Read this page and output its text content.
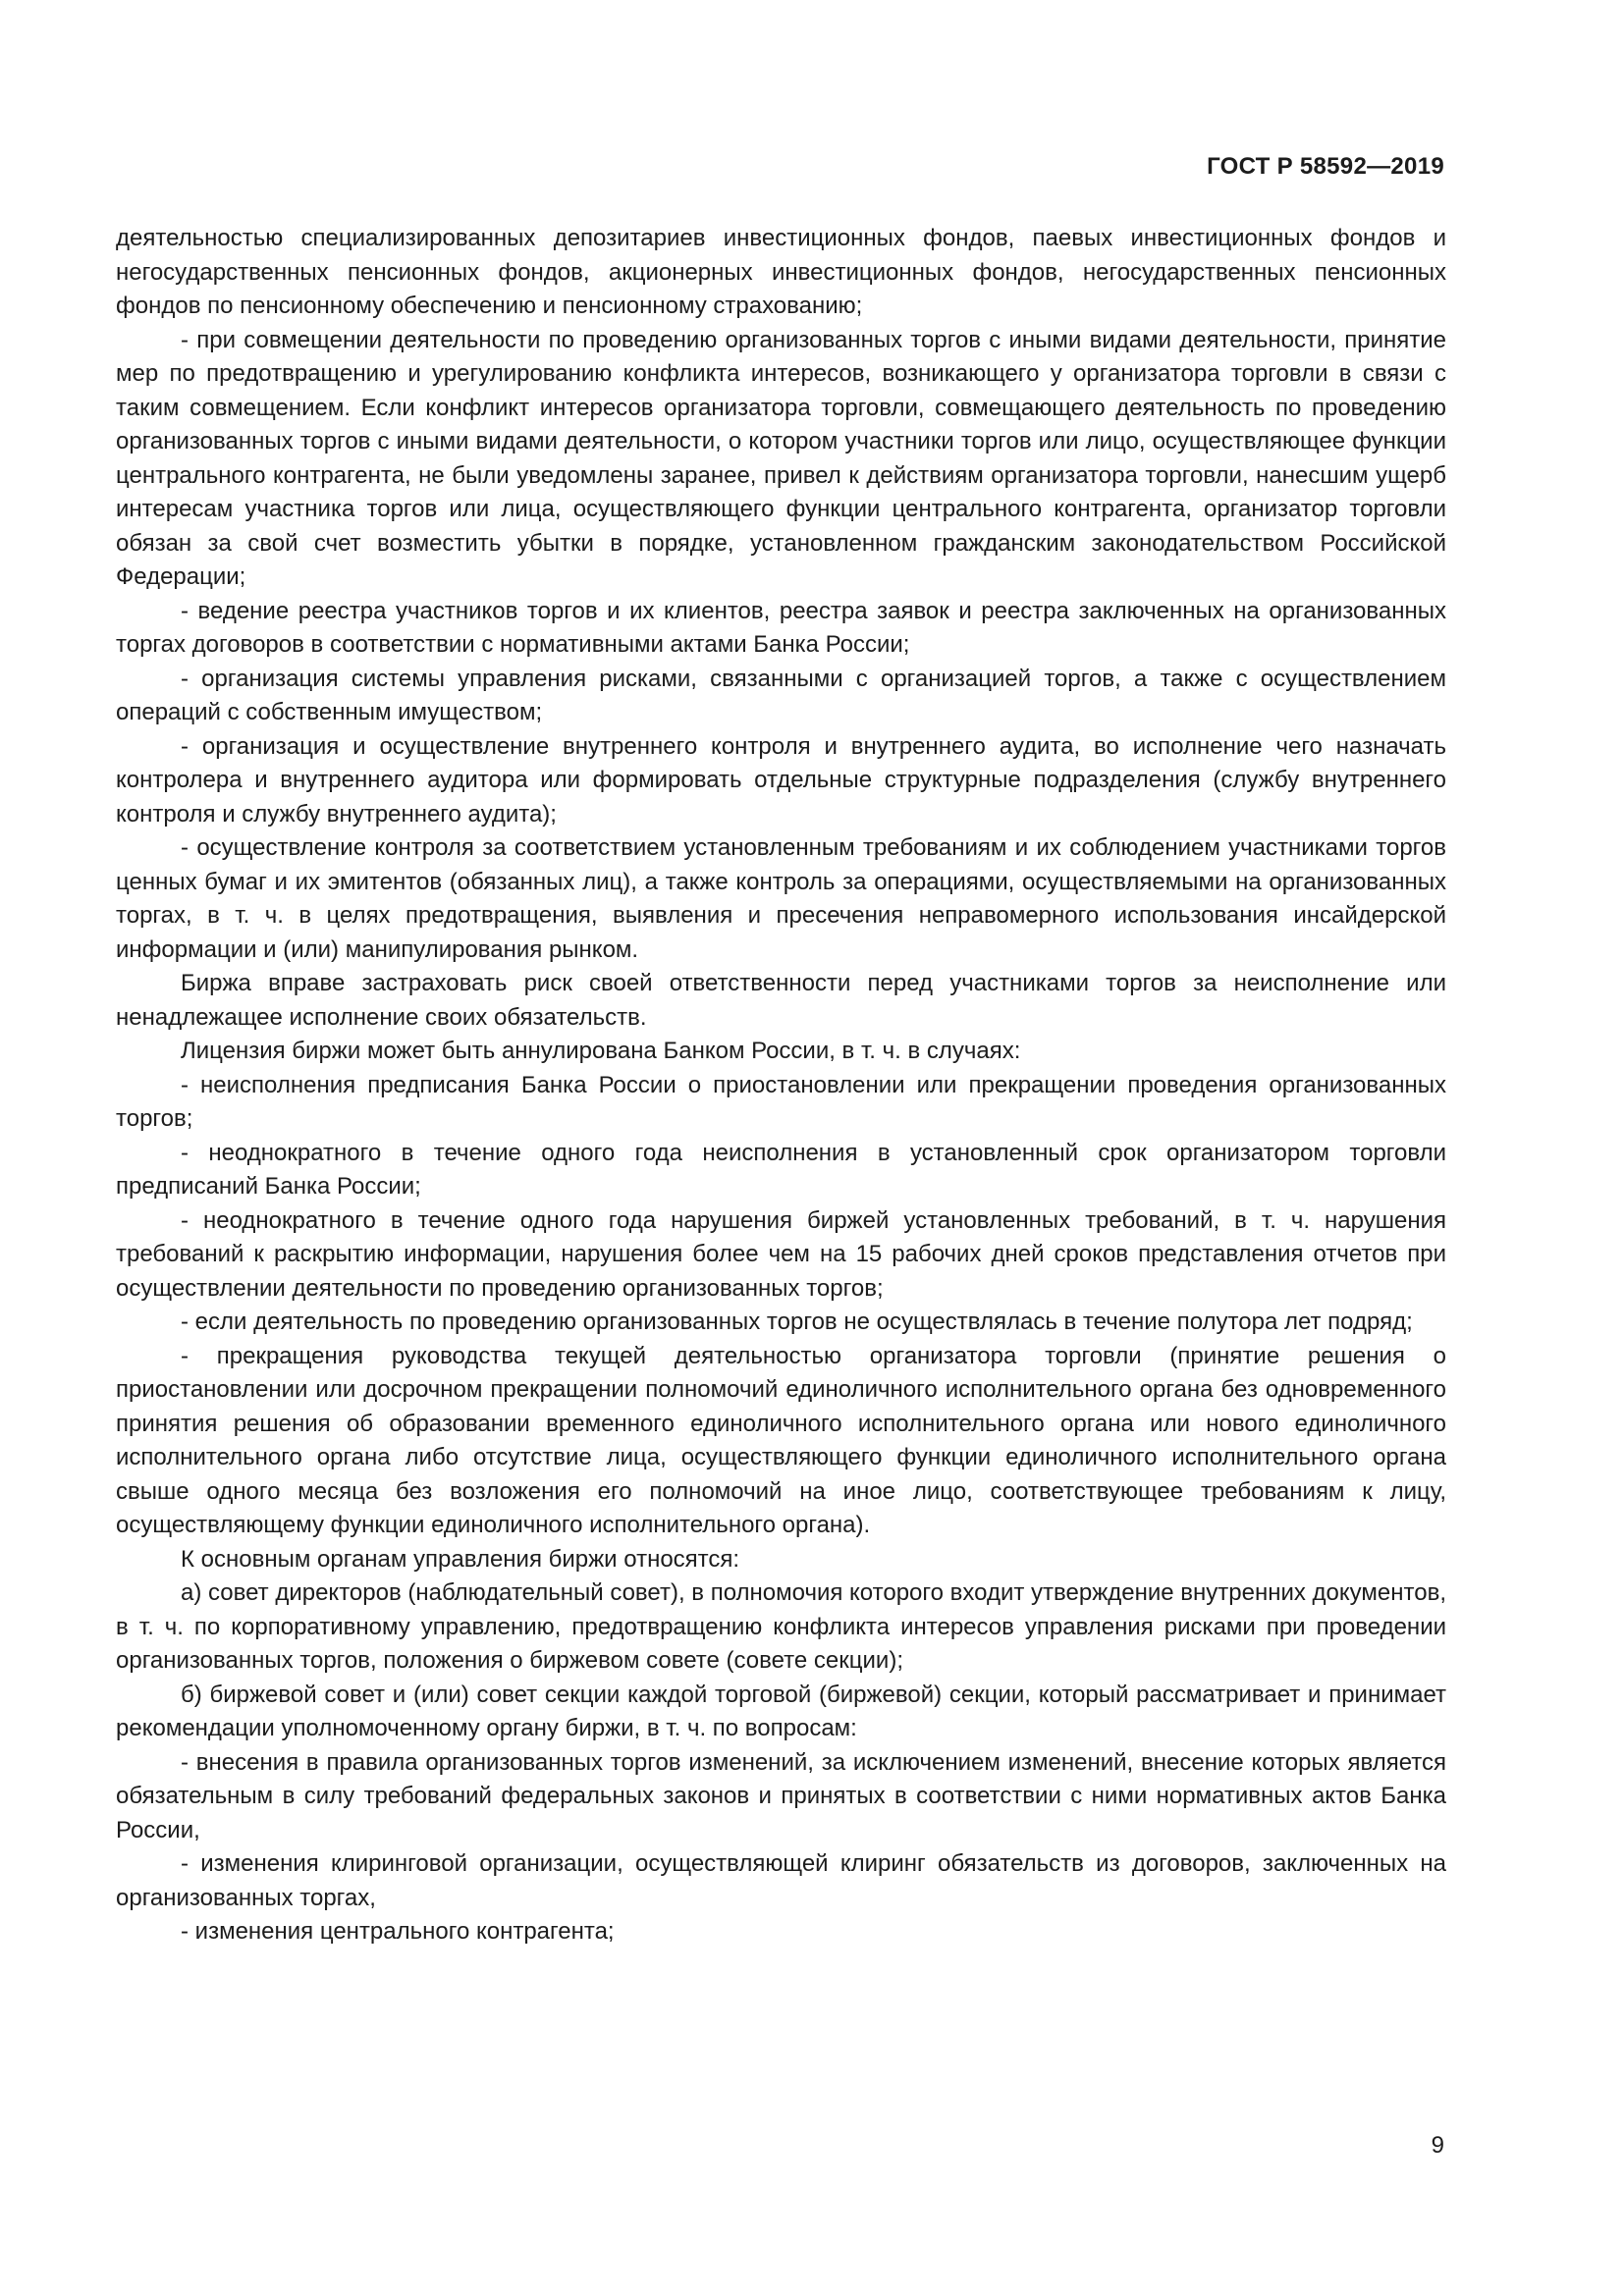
ГОСТ Р 58592—2019

деятельностью специализированных депозитариев инвестиционных фондов, паевых инвестиционных фондов и негосударственных пенсионных фондов, акционерных инвестиционных фондов, негосударственных пенсионных фондов по пенсионному обеспечению и пенсионному страхованию;

- при совмещении деятельности по проведению организованных торгов с иными видами деятельности, принятие мер по предотвращению и урегулированию конфликта интересов, возникающего у организатора торговли в связи с таким совмещением. Если конфликт интересов организатора торговли, совмещающего деятельность по проведению организованных торгов с иными видами деятельности, о котором участники торгов или лицо, осуществляющее функции центрального контрагента, не были уведомлены заранее, привел к действиям организатора торговли, нанесшим ущерб интересам участника торгов или лица, осуществляющего функции центрального контрагента, организатор торговли обязан за свой счет возместить убытки в порядке, установленном гражданским законодательством Российской Федерации;

- ведение реестра участников торгов и их клиентов, реестра заявок и реестра заключенных на организованных торгах договоров в соответствии с нормативными актами Банка России;

- организация системы управления рисками, связанными с организацией торгов, а также с осуществлением операций с собственным имуществом;

- организация и осуществление внутреннего контроля и внутреннего аудита, во исполнение чего назначать контролера и внутреннего аудитора или формировать отдельные структурные подразделения (службу внутреннего контроля и службу внутреннего аудита);

- осуществление контроля за соответствием установленным требованиям и их соблюдением участниками торгов ценных бумаг и их эмитентов (обязанных лиц), а также контроль за операциями, осуществляемыми на организованных торгах, в т. ч. в целях предотвращения, выявления и пресечения неправомерного использования инсайдерской информации и (или) манипулирования рынком.

Биржа вправе застраховать риск своей ответственности перед участниками торгов за неисполнение или ненадлежащее исполнение своих обязательств.

Лицензия биржи может быть аннулирована Банком России, в т. ч. в случаях:

- неисполнения предписания Банка России о приостановлении или прекращении проведения организованных торгов;

- неоднократного в течение одного года неисполнения в установленный срок организатором торговли предписаний Банка России;

- неоднократного в течение одного года нарушения биржей установленных требований, в т. ч. нарушения требований к раскрытию информации, нарушения более чем на 15 рабочих дней сроков представления отчетов при осуществлении деятельности по проведению организованных торгов;

- если деятельность по проведению организованных торгов не осуществлялась в течение полутора лет подряд;

- прекращения руководства текущей деятельностью организатора торговли (принятие решения о приостановлении или досрочном прекращении полномочий единоличного исполнительного органа без одновременного принятия решения об образовании временного единоличного исполнительного органа или нового единоличного исполнительного органа либо отсутствие лица, осуществляющего функции единоличного исполнительного органа свыше одного месяца без возложения его полномочий на иное лицо, соответствующее требованиям к лицу, осуществляющему функции единоличного исполнительного органа).

К основным органам управления биржи относятся:

а) совет директоров (наблюдательный совет), в полномочия которого входит утверждение внутренних документов, в т. ч. по корпоративному управлению, предотвращению конфликта интересов управления рисками при проведении организованных торгов, положения о биржевом совете (совете секции);

б) биржевой совет и (или) совет секции каждой торговой (биржевой) секции, который рассматривает и принимает рекомендации уполномоченному органу биржи, в т. ч. по вопросам:

- внесения в правила организованных торгов изменений, за исключением изменений, внесение которых является обязательным в силу требований федеральных законов и принятых в соответствии с ними нормативных актов Банка России,

- изменения клиринговой организации, осуществляющей клиринг обязательств из договоров, заключенных на организованных торгах,

- изменения центрального контрагента;

9
